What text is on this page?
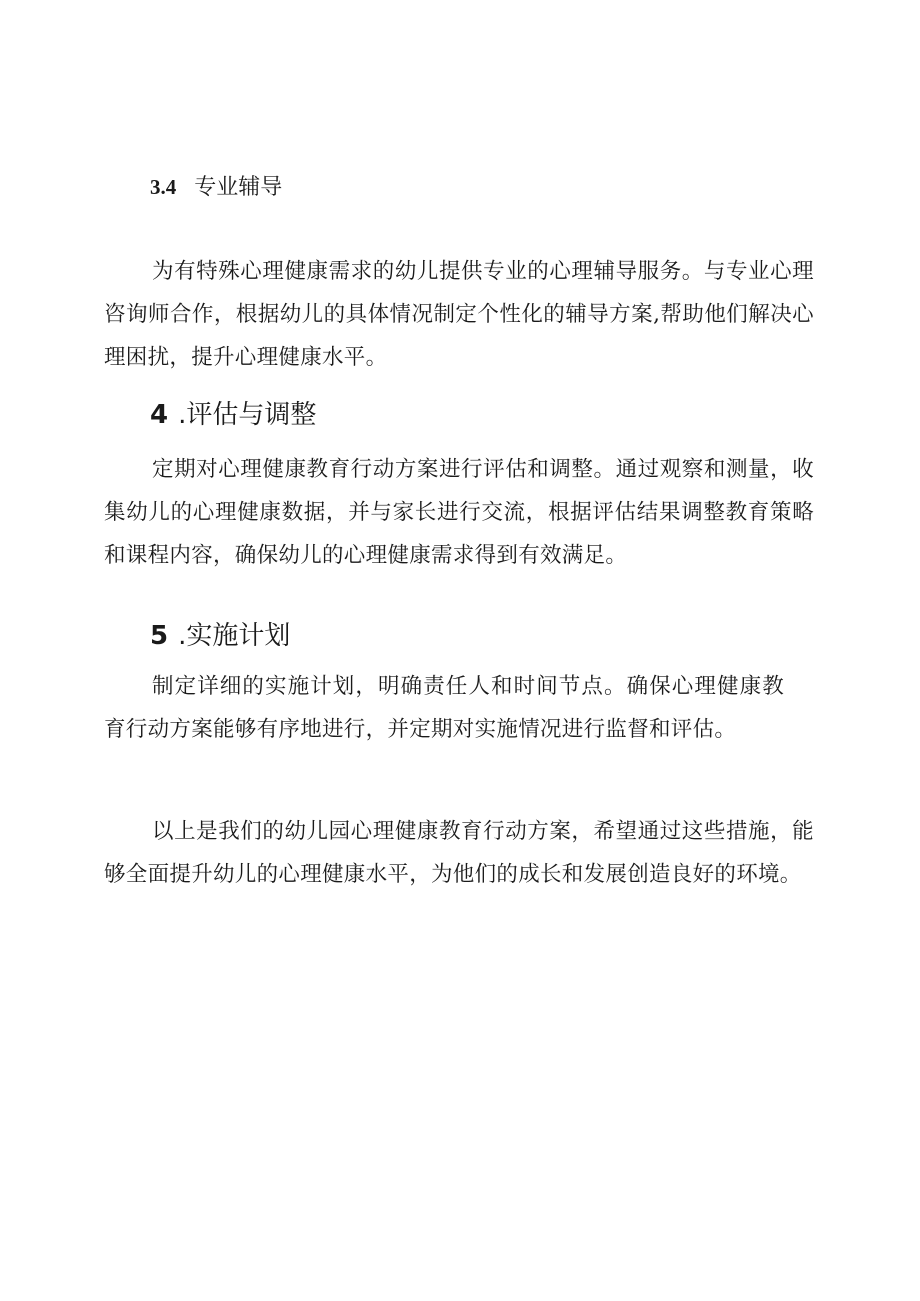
3.4 专业辅导

为有特殊心理健康需求的幼儿提供专业的心理辅导服务。与专业心理咨询师合作，根据幼儿的具体情况制定个性化的辅导方案,帮助他们解决心理困扰，提升心理健康水平。

4 .评估与调整

定期对心理健康教育行动方案进行评估和调整。通过观察和测量，收集幼儿的心理健康数据，并与家长进行交流，根据评估结果调整教育策略和课程内容，确保幼儿的心理健康需求得到有效满足。

5 .实施计划

制定详细的实施计划，明确责任人和时间节点。确保心理健康教育行动方案能够有序地进行，并定期对实施情况进行监督和评估。

以上是我们的幼儿园心理健康教育行动方案，希望通过这些措施，能够全面提升幼儿的心理健康水平，为他们的成长和发展创造良好的环境。
